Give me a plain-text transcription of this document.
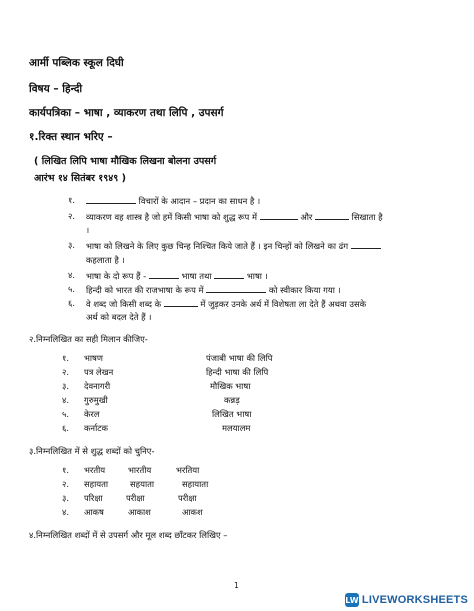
आर्मी पब्लिक स्कूल दिघी
विषय – हिन्दी
कार्यपत्रिका – भाषा , व्याकरण तथा लिपि , उपसर्ग
१.रिक्त स्थान भरिए –
( लिखित लिपि भाषा मौखिक लिखना बोलना उपसर्ग
आरंभ १४ सितंबर १९४९ )
१.	विचारों के आदान – प्रदान का साधन है ।
२. व्याकरण वह शास्त्र है जो हमें किसी भाषा को शुद्ध रूप में	और	सिखाता है
।
३. भाषा को लिखने के लिए कुछ चिन्ह निश्चित किये जाते हैं । इन चिन्हों को लिखने का ढंग
कहलाता है ।
४. भाषा के दो रूप हैं -	भाषा तथा	भाषा ।
५. हिन्दी को भारत की राजभाषा के रूप में	को स्वीकार किया गया ।
६. वे शब्द जो किसी शब्द के	में जुड़कर उनके अर्थ में विशेषता ला देते हैं अथवा उसके
अर्थ को बदल देते हैं ।
२.निम्नलिखित का सही मिलान कीजिए-
१. भाषण	पंजाबी भाषा की लिपि
२. पत्र लेखन	हिन्दी भाषा की लिपि
३. देवनागरी	मौखिक भाषा
४. गुरुमुखी	कन्नड़
५. केरल	लिखित भाषा
६. कर्नाटक	मलयालम
३.निम्नलिखित में से शुद्ध शब्दों को चुनिए-
१. भरतीय	भारतीय	भरतिया
२. सहायता	सहयाता	सहायाता
३. परिक्षा	परीक्षा	परीक्षा
४. आकष	आकाश	आकश
४.निम्नलिखित शब्दों में से उपसर्ग और मूल शब्द छाँटकर लिखिए –
1
LW LIVEWORKSHEETS
